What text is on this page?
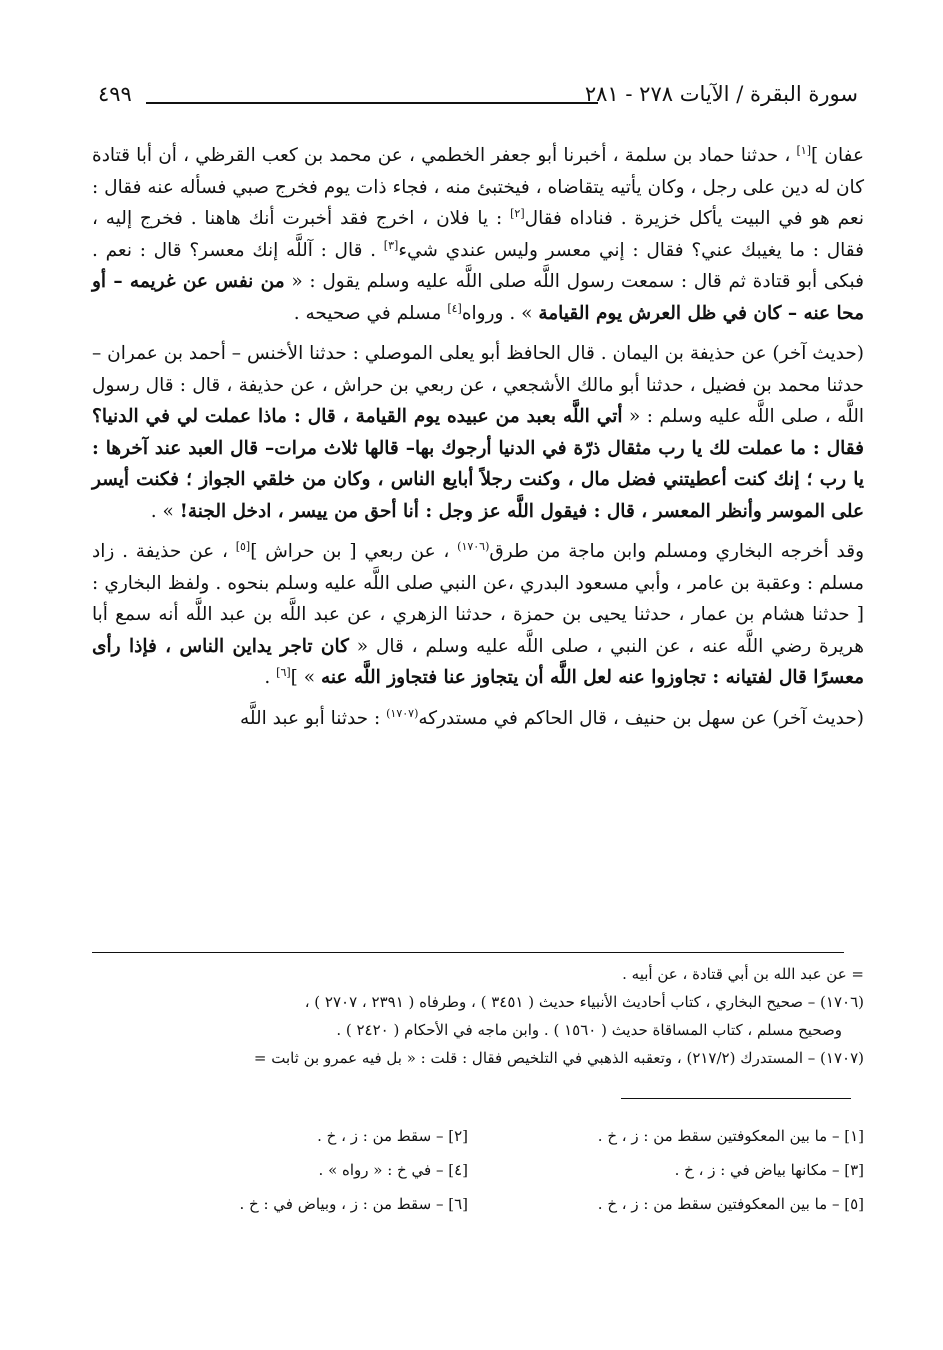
سورة البقرة / الآيات ٢٧٨ - ٢٨١
٤٩٩

عفان ][١] ، حدثنا حماد بن سلمة ، أخبرنا أبو جعفر الخطمي ، عن محمد بن كعب القرظي ، أن أبا قتادة كان له دين على رجل ، وكان يأتيه يتقاضاه ، فيختبئ منه ، فجاء ذات يوم فخرج صبي فسأله عنه فقال : نعم هو في البيت يأكل خزيرة . فناداه فقال[٢] : يا فلان ، اخرج فقد أخبرت أنك هاهنا . فخرج إليه ، فقال : ما يغيبك عني؟ فقال : إني معسر وليس عندي شيء[٣] . قال : آللَّه إنك معسر؟ قال : نعم . فبكى أبو قتادة ثم قال : سمعت رسول اللَّه صلى اللَّه عليه وسلم يقول : « من نفس عن غريمه – أو محا عنه – كان في ظل العرش يوم القيامة » . ورواه[٤] مسلم في صحيحه .

(حديث آخر) عن حذيفة بن اليمان . قال الحافظ أبو يعلى الموصلي : حدثنا الأخنس – أحمد بن عمران – حدثنا محمد بن فضيل ، حدثنا أبو مالك الأشجعي ، عن ربعي بن حراش ، عن حذيفة ، قال : قال رسول اللَّه ، صلى اللَّه عليه وسلم : « أتي اللَّه بعبد من عبيده يوم القيامة ، قال : ماذا عملت لي في الدنيا؟ فقال : ما عملت لك يا رب مثقال ذرّة في الدنيا أرجوك بها– قالها ثلاث مرات– قال العبد عند آخرها : يا رب ؛ إنك كنت أعطيتني فضل مال ، وكنت رجلاً أبايع الناس ، وكان من خلقي الجواز ؛ فكنت أيسر على الموسر وأنظر المعسر ، قال : فيقول اللَّه عز وجل : أنا أحق من ييسر ، ادخل الجنة! » .

وقد أخرجه البخاري ومسلم وابن ماجة من طرق$^{(١٧٠٦)}$ ، عن ربعي [ بن حراش ][٥] ، عن حذيفة . زاد مسلم : وعقبة بن عامر ، وأبي مسعود البدري ،عن النبي صلى اللَّه عليه وسلم بنحوه . ولفظ البخاري : [ حدثنا هشام بن عمار ، حدثنا يحيى بن حمزة ، حدثنا الزهري ، عن عبد اللَّه بن عبد اللَّه أنه سمع أبا هريرة رضي اللَّه عنه ، عن النبي ، صلى اللَّه عليه وسلم ، قال « كان تاجر يداين الناس ، فإذا رأى معسرًا قال لفتيانه : تجاوزوا عنه لعل اللَّه أن يتجاوز عنا فتجاوز اللَّه عنه » ][٦] .

(حديث آخر) عن سهل بن حنيف ، قال الحاكم في مستدركه$^{(١٧٠٧)}$ : حدثنا أبو عبد اللَّه

= عن عبد الله بن أبي قتادة ، عن أبيه .

(١٧٠٦) – صحيح البخاري ، كتاب أحاديث الأنبياء حديث ( ٣٤٥١ ) ، وطرفاه ( ٢٣٩١ ، ٢٧٠٧ ) ،

وصحيح مسلم ، كتاب المساقاة حديث ( ١٥٦٠ ) . وابن ماجه في الأحكام ( ٢٤٢٠ ) .

(١٧٠٧) – المستدرك (٢١٧/٢) ، وتعقبه الذهبي في التلخيص فقال : قلت : « بل فيه عمرو بن ثابت =

[١] – ما بين المعكوفتين سقط من : ز ، خ .
[٢] – سقط من : ز ، خ .
[٣] – مكانها بياض في : ز ، خ .
[٤] – في خ : « رواه » .
[٥] – ما بين المعكوفتين سقط من : ز ، خ .
[٦] – سقط من : ز ، وبياض في : خ .
